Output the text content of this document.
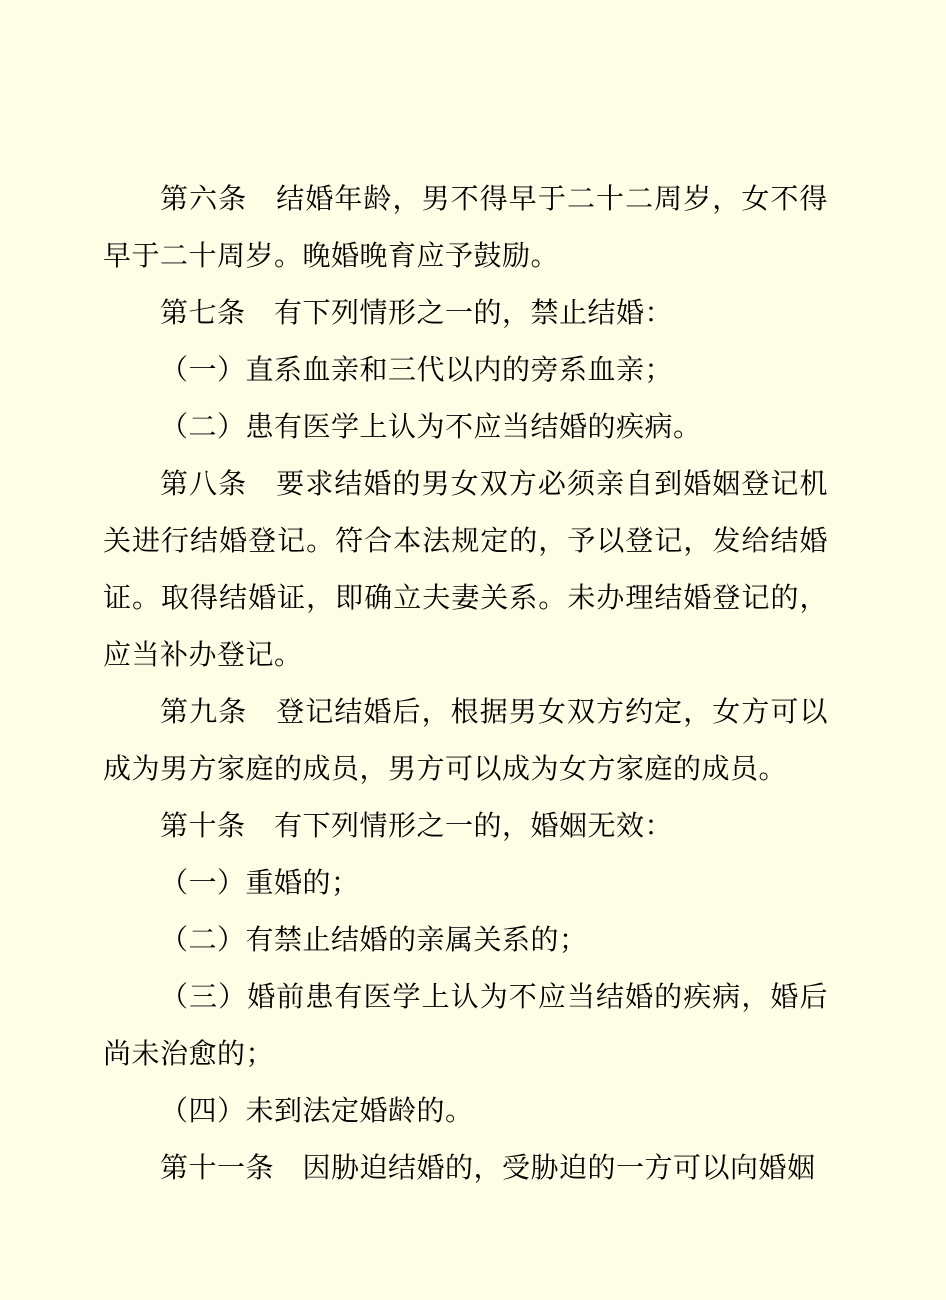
第六条　结婚年龄，男不得早于二十二周岁，女不得早于二十周岁。晚婚晚育应予鼓励。

第七条　有下列情形之一的，禁止结婚：

（一）直系血亲和三代以内的旁系血亲；

（二）患有医学上认为不应当结婚的疾病。

第八条　要求结婚的男女双方必须亲自到婚姻登记机关进行结婚登记。符合本法规定的，予以登记，发给结婚证。取得结婚证，即确立夫妻关系。未办理结婚登记的，应当补办登记。

第九条　登记结婚后，根据男女双方约定，女方可以成为男方家庭的成员，男方可以成为女方家庭的成员。

第十条　有下列情形之一的，婚姻无效：

（一）重婚的；

（二）有禁止结婚的亲属关系的；

（三）婚前患有医学上认为不应当结婚的疾病，婚后尚未治愈的；

（四）未到法定婚龄的。

第十一条　因胁迫结婚的，受胁迫的一方可以向婚姻
